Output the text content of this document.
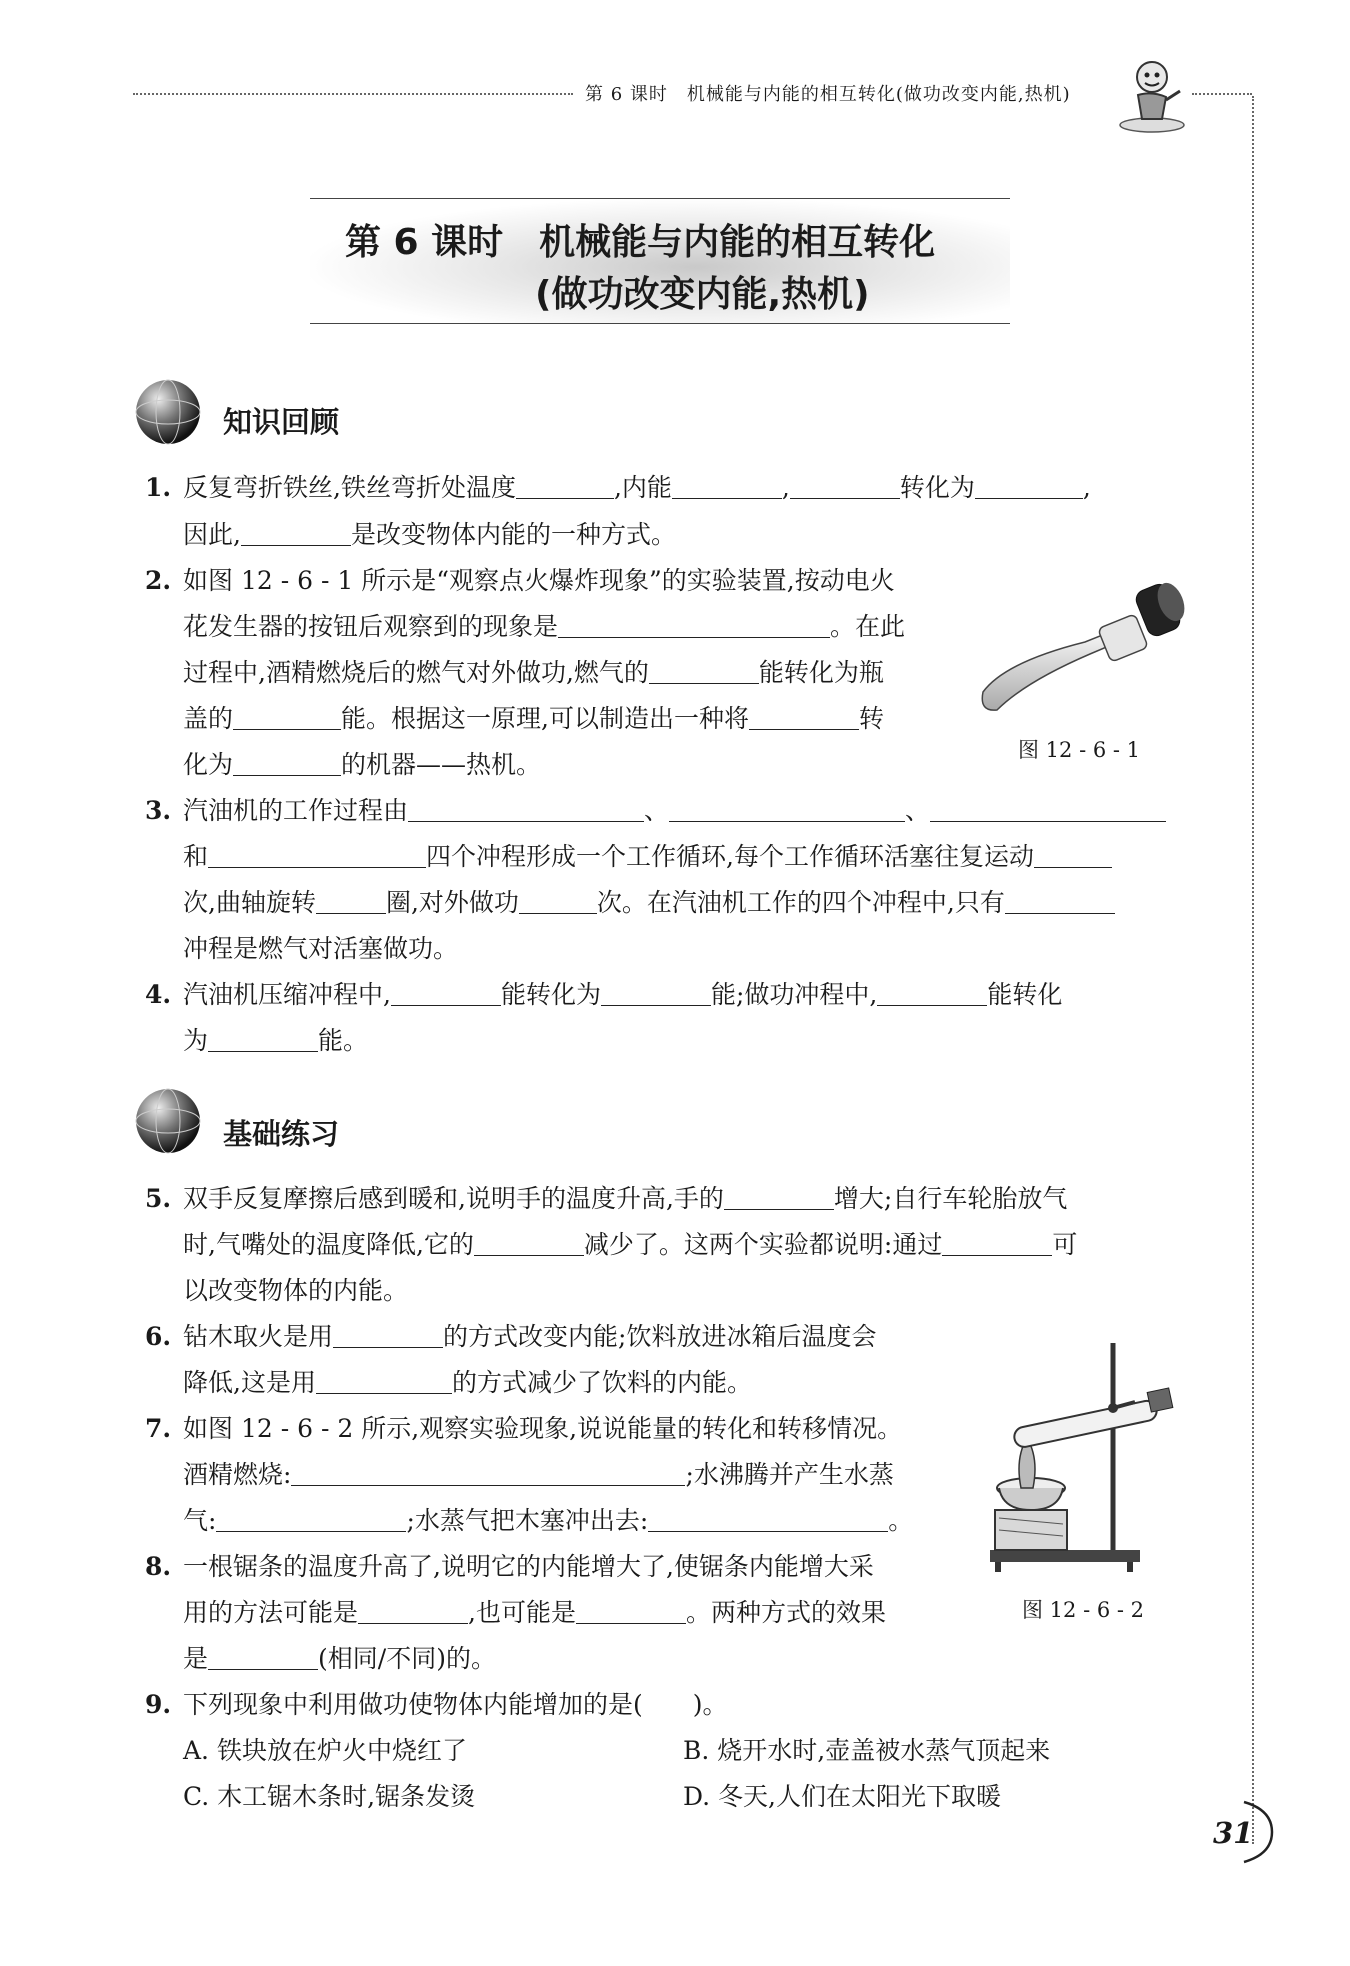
第 6 课时　机械能与内能的相互转化(做功改变内能,热机)
第 6 课时　机械能与内能的相互转化
(做功改变内能,热机)
知识回顾
1. 反复弯折铁丝,铁丝弯折处温度	,内能	,	转化为	,
因此,	是改变物体内能的一种方式。
2. 如图 12 - 6 - 1 所示是“观察点火爆炸现象”的实验装置,按动电火
花发生器的按钮后观察到的现象是	。在此
过程中,酒精燃烧后的燃气对外做功,燃气的	能转化为瓶
盖的	能。根据这一原理,可以制造出一种将	转
化为	的机器——热机。	图 12 - 6 - 1
3. 汽油机的工作过程由	、	、
和	四个冲程形成一个工作循环,每个工作循环活塞往复运动
次,曲轴旋转	圈,对外做功	次。在汽油机工作的四个冲程中,只有
冲程是燃气对活塞做功。
4. 汽油机压缩冲程中,	能转化为	能;做功冲程中,	能转化
为	能。
基础练习
5. 双手反复摩擦后感到暖和,说明手的温度升高,手的	增大;自行车轮胎放气
时,气嘴处的温度降低,它的	减少了。这两个实验都说明:通过	可
以改变物体的内能。
6. 钻木取火是用	的方式改变内能;饮料放进冰箱后温度会
降低,这是用	的方式减少了饮料的内能。
7. 如图 12 - 6 - 2 所示,观察实验现象,说说能量的转化和转移情况。
酒精燃烧:	;水沸腾并产生水蒸
气:	;水蒸气把木塞冲出去:	。
图 12 - 6 - 2
8. 一根锯条的温度升高了,说明它的内能增大了,使锯条内能增大采
用的方法可能是	,也可能是	。两种方式的效果
是	(相同/不同)的。
9. 下列现象中利用做功使物体内能增加的是(　　)。
A. 铁块放在炉火中烧红了	B. 烧开水时,壶盖被水蒸气顶起来
C. 木工锯木条时,锯条发烫	D. 冬天,人们在太阳光下取暖
31
